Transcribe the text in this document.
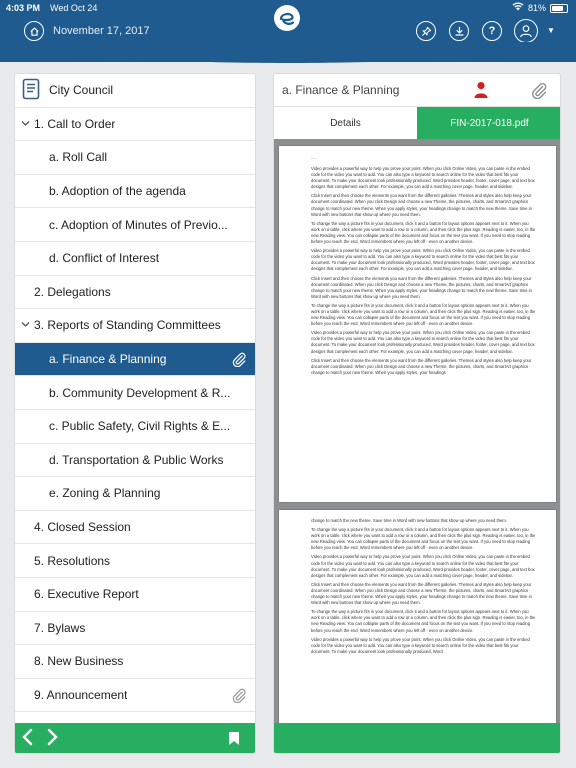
4:03 PM Wed Oct 24	81%
November 17, 2017	?	▼
City Council
1. Call to Order
a. Roll Call
b. Adoption of the agenda
c. Adoption of Minutes of Previo...
d. Conflict of Interest
2. Delegations
3. Reports of Standing Committees
a. Finance & Planning
b. Community Development & R...
c. Public Safety, Civil Rights & E...
d. Transportation & Public Works
e. Zoning & Planning
4. Closed Session
5. Resolutions
6. Executive Report
7. Bylaws
8. New Business
9. Announcement
a. Finance & Planning
Details	FIN-2017-018.pdf
...
Video provides a powerful way to help you prove your point. When you click Online Video, you can paste in the embed code for the video you want to add. You can also type a keyword to search online for the video that best fits your document. To make your document look professionally produced, Word provides header, footer, cover page, and text box designs that complement each other. For example, you can add a matching cover page, header, and sidebar.
Click Insert and then choose the elements you want from the different galleries. Themes and styles also help keep your document coordinated. When you click Design and choose a new Theme, the pictures, charts, and SmartArt graphics change to match your new theme. When you apply styles, your headings change to match the new theme. Save time in Word with new buttons that show up where you need them.
To change the way a picture fits in your document, click it and a button for layout options appears next to it. When you work on a table, click where you want to add a row or a column, and then click the plus sign. Reading is easier, too, in the new Reading view. You can collapse parts of the document and focus on the text you want. If you need to stop reading before you reach the end, Word remembers where you left off - even on another device.
Video provides a powerful way to help you prove your point. When you click Online Video, you can paste in the embed code for the video you want to add. You can also type a keyword to search online for the video that best fits your document. To make your document look professionally produced, Word provides header, footer, cover page, and text box designs that complement each other. For example, you can add a matching cover page, header, and sidebar.
Click Insert and then choose the elements you want from the different galleries. Themes and styles also help keep your document coordinated. When you click Design and choose a new Theme, the pictures, charts, and SmartArt graphics change to match your new theme. When you apply styles, your headings change to match the new theme. Save time in Word with new buttons that show up where you need them.
To change the way a picture fits in your document, click it and a button for layout options appears next to it. When you work on a table, click where you want to add a row or a column, and then click the plus sign. Reading is easier, too, in the new Reading view. You can collapse parts of the document and focus on the text you want. If you need to stop reading before you reach the end, Word remembers where you left off - even on another device.
Video provides a powerful way to help you prove your point. When you click Online Video, you can paste in the embed code for the video you want to add. You can also type a keyword to search online for the video that best fits your document. To make your document look professionally produced, Word provides header, footer, cover page, and text box designs that complement each other. For example, you can add a matching cover page, header, and sidebar.
Click Insert and then choose the elements you want from the different galleries. Themes and styles also help keep your document coordinated. When you click Design and choose a new Theme, the pictures, charts, and SmartArt graphics change to match your new theme. When you apply styles, your headings
change to match the new theme. Save time in Word with new buttons that show up where you need them.
To change the way a picture fits in your document, click it and a button for layout options appears next to it. When you work on a table, click where you want to add a row or a column, and then click the plus sign. Reading is easier, too, in the new Reading view. You can collapse parts of the document and focus on the text you want. If you need to stop reading before you reach the end, Word remembers where you left off - even on another device.
Video provides a powerful way to help you prove your point. When you click Online Video, you can paste in the embed code for the video you want to add. You can also type a keyword to search online for the video that best fits your document. To make your document look professionally produced, Word provides header, footer, cover page, and text box designs that complement each other. For example, you can add a matching cover page, header, and sidebar.
Click Insert and then choose the elements you want from the different galleries. Themes and styles also help keep your document coordinated. When you click Design and choose a new Theme, the pictures, charts, and SmartArt graphics change to match your new theme. When you apply styles, your headings change to match the new theme. Save time in Word with new buttons that show up where you need them.
To change the way a picture fits in your document, click it and a button for layout options appears next to it. When you work on a table, click where you want to add a row or a column, and then click the plus sign. Reading is easier, too, in the new Reading view. You can collapse parts of the document and focus on the text you want. If you need to stop reading before you reach the end, Word remembers where you left off - even on another device.
Video provides a powerful way to help you prove your point. When you click Online Video, you can paste in the embed code for the video you want to add. You can also type a keyword to search online for the video that best fits your document. To make your document look professionally produced, Word
